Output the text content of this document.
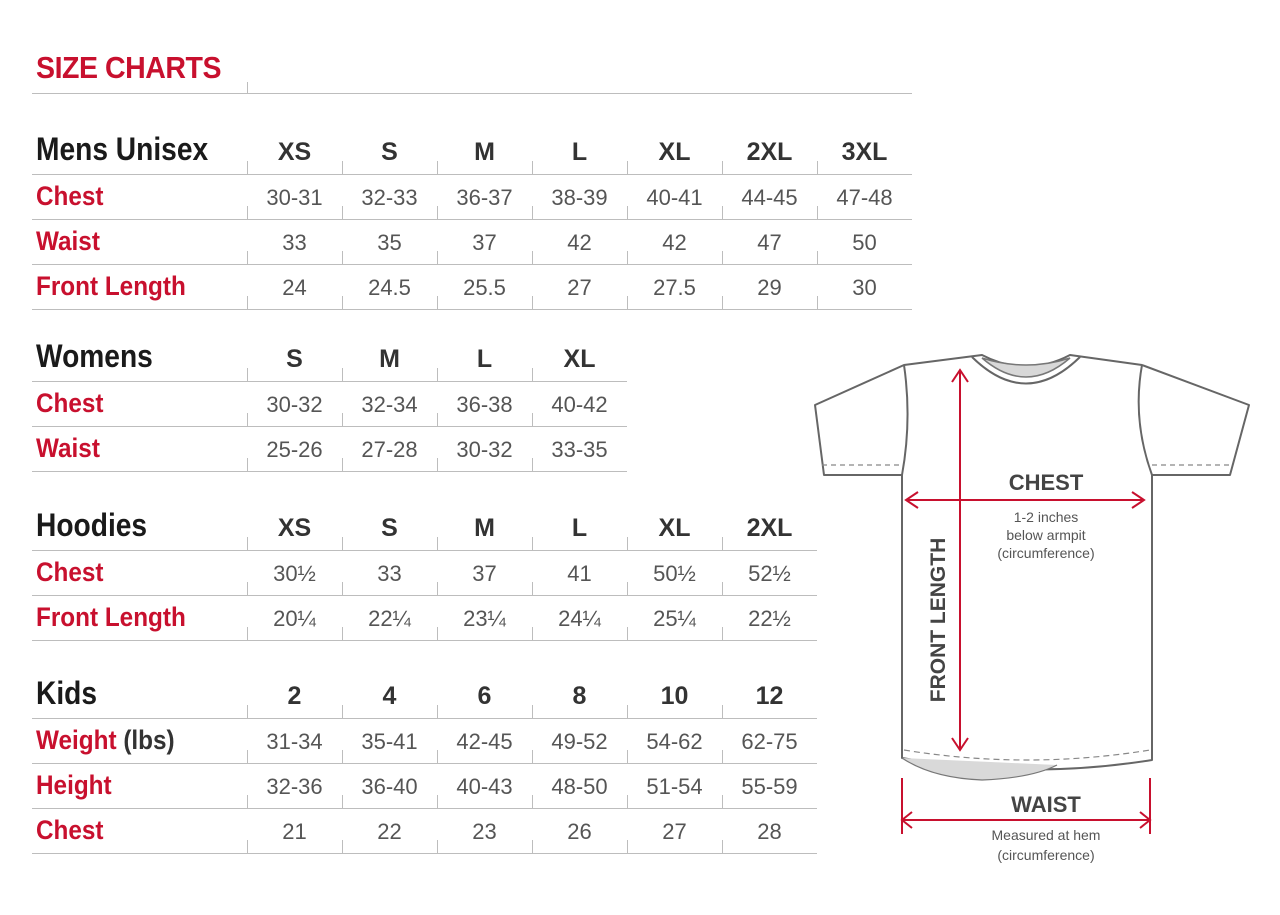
SIZE CHARTS
Mens Unisex	XS	S	M	L	XL	2XL	3XL
Chest	30-31	32-33	36-37	38-39	40-41	44-45	47-48
Waist	33	35	37	42	42	47	50
Front Length	24	24.5	25.5	27	27.5	29	30
Womens	S	M	L	XL
Chest	30-32	32-34	36-38	40-42
Waist	25-26	27-28	30-32	33-35
Hoodies	XS	S	M	L	XL	2XL
Chest	30½	33	37	41	50½	52½
Front Length	20¼	22¼	23¼	24¼	25¼	22½
Kids	2	4	6	8	10	12
Weight (lbs)	31-34	35-41	42-45	49-52	54-62	62-75
Height	32-36	36-40	40-43	48-50	51-54	55-59
Chest	21	22	23	26	27	28
CHEST
1-2 inches
below armpit
(circumference)
FRONT LENGTH
WAIST
Measured at hem
(circumference)
